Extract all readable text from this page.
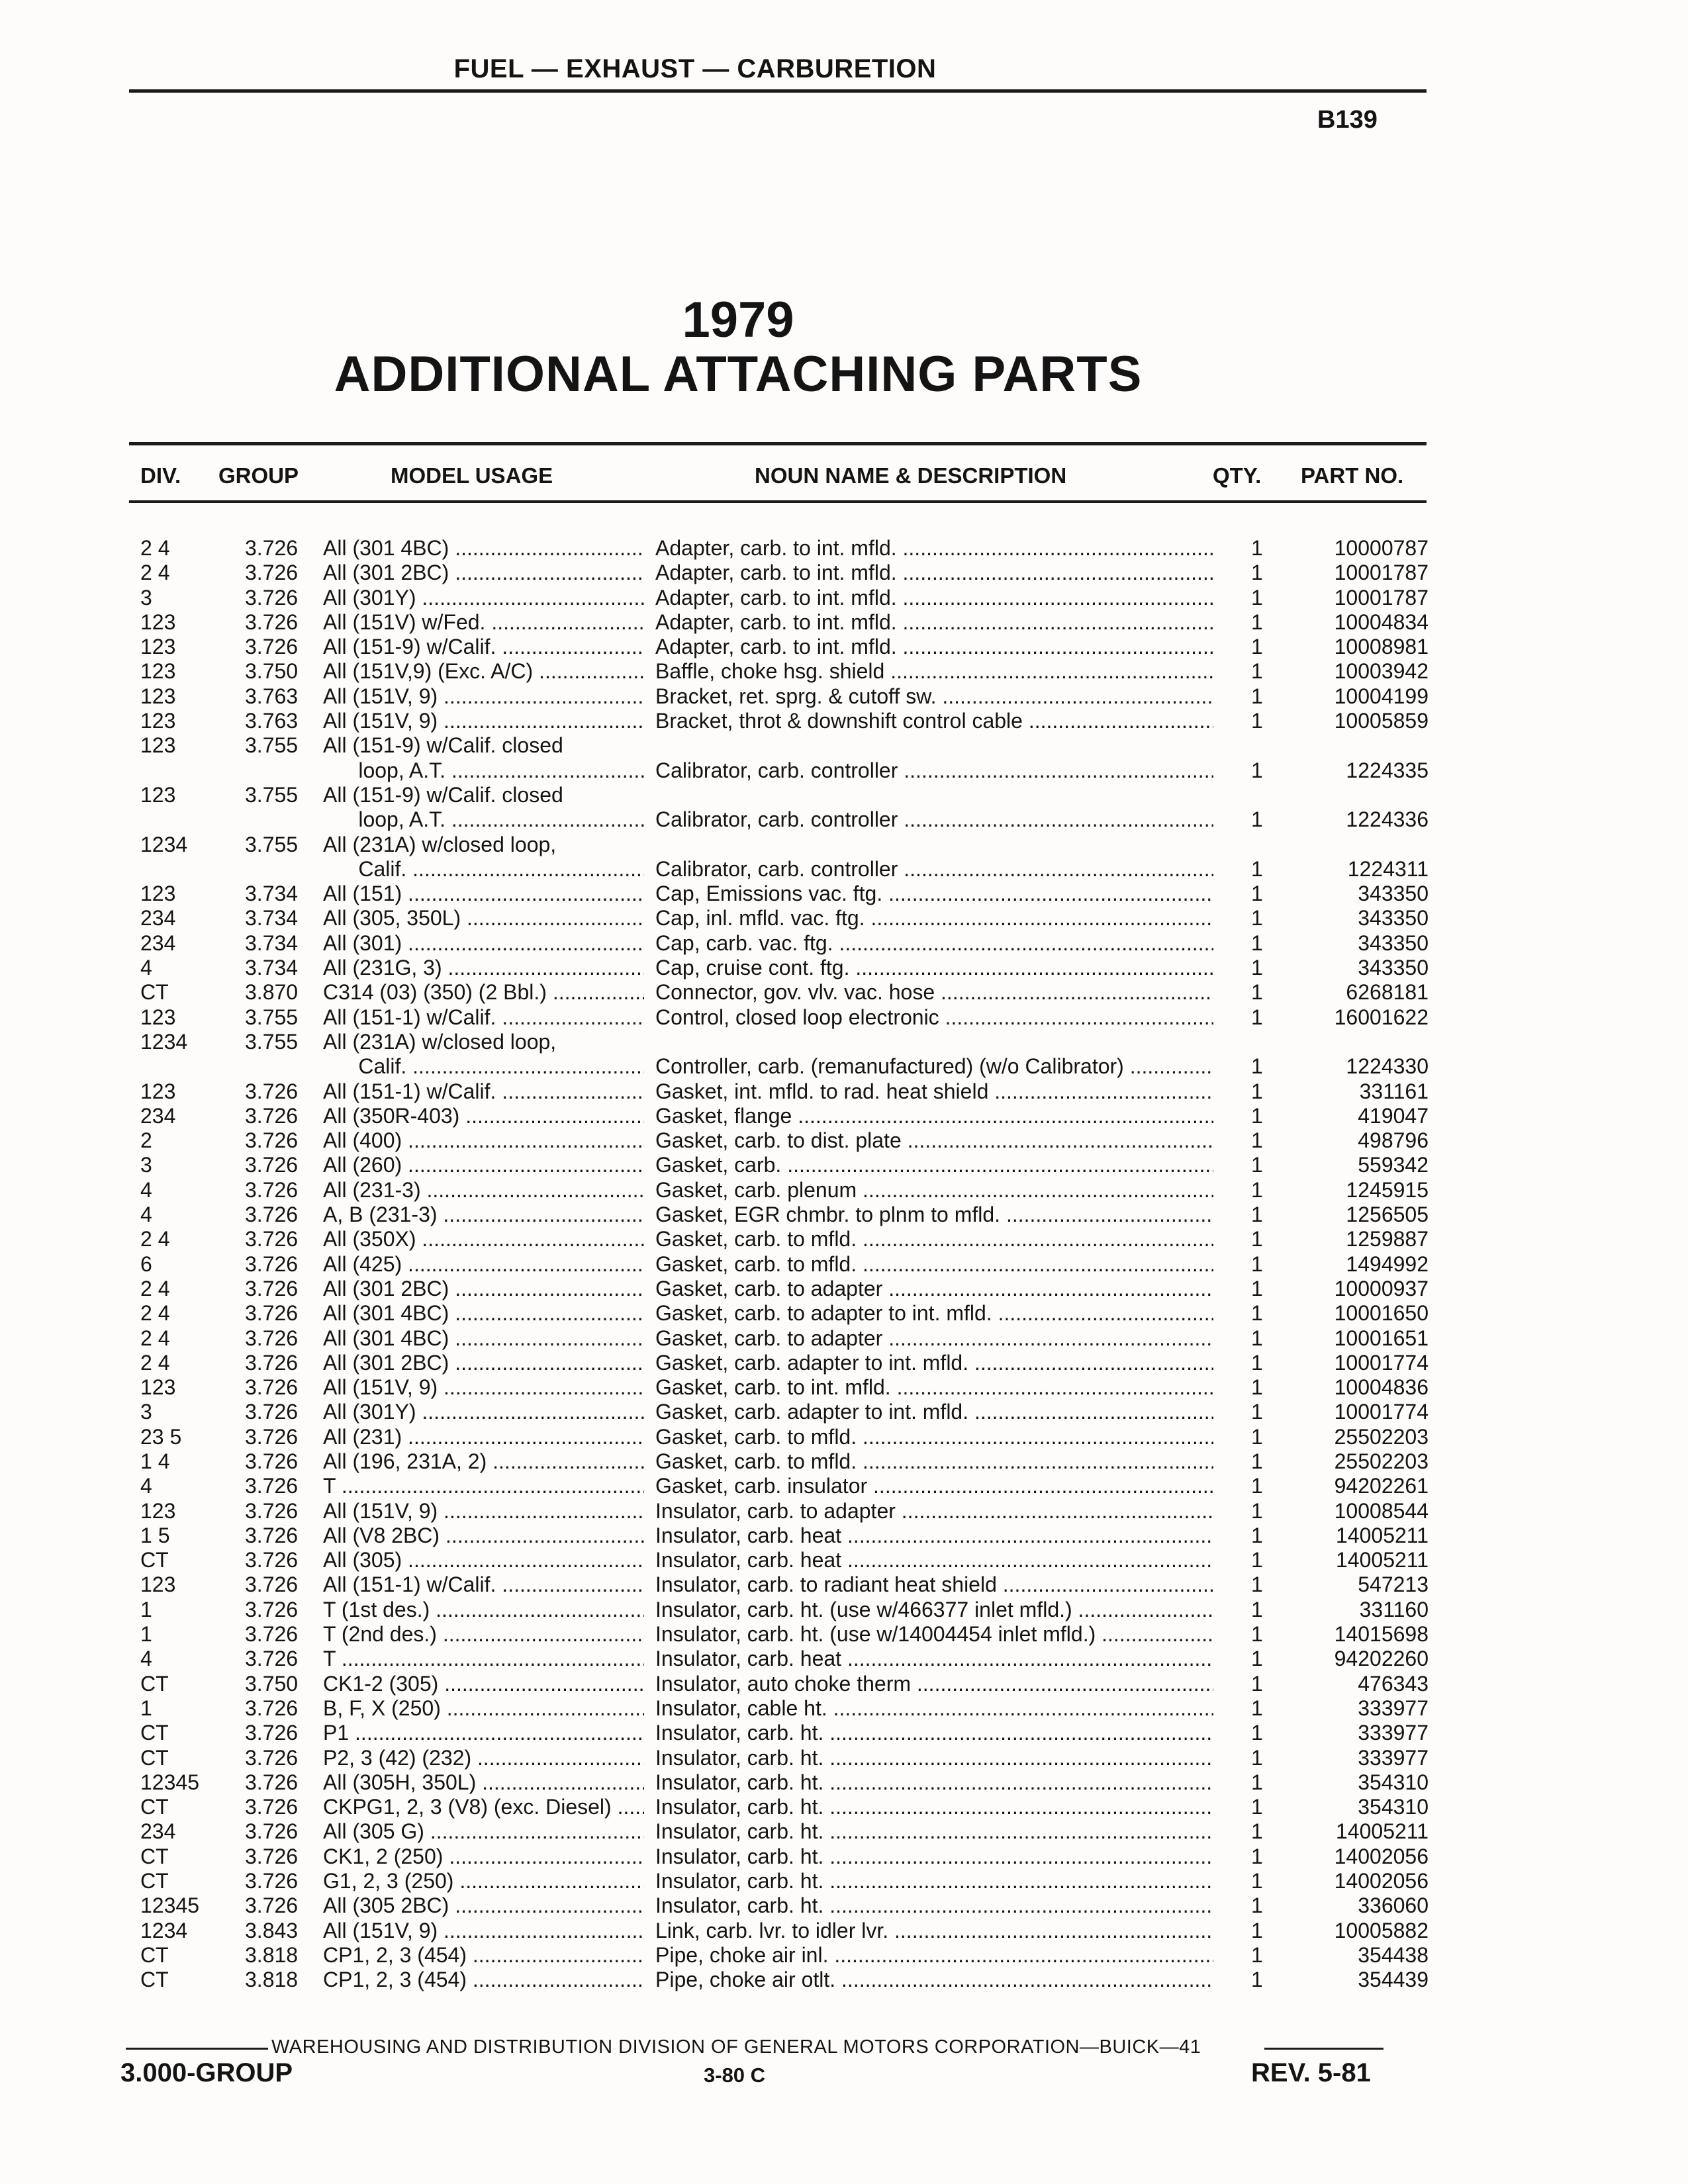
FUEL — EXHAUST — CARBURETION
B139
1979
ADDITIONAL ATTACHING PARTS
DIV. GROUP	MODEL USAGE	NOUN NAME & DESCRIPTION	QTY. PART NO.
2 4	3.726 All (301 4BC) .....	Adapter, carb. to int. mfld. .....	1	10000787
2 4	3.726 All (301 2BC) .....	Adapter, carb. to int. mfld. .....	1	10001787
3	3.726 All (301Y) .....	Adapter, carb. to int. mfld. .....	1	10001787
123	3.726 All (151V) w/Fed. .....	Adapter, carb. to int. mfld. .....	1	10004834
123	3.726 All (151-9) w/Calif. .....	Adapter, carb. to int. mfld. .....	1	10008981
123	3.750 All (151V,9) (Exc. A/C) .....	Baffle, choke hsg. shield .....	1	10003942
123	3.763 All (151V, 9) .....	Bracket, ret. sprg. & cutoff sw. .....	1	10004199
123	3.763 All (151V, 9) .....	Bracket, throt & downshift control cable .....	1	10005859
123	3.755 All (151-9) w/Calif. closed
loop, A.T. .....	Calibrator, carb. controller .....	1	1224335
123	3.755 All (151-9) w/Calif. closed
loop, A.T. .....	Calibrator, carb. controller .....	1	1224336
1234	3.755 All (231A) w/closed loop,
Calif. .....	Calibrator, carb. controller .....	1	1224311
123	3.734 All (151) .....	Cap, Emissions vac. ftg. .....	1	343350
234	3.734 All (305, 350L) .....	Cap, inl. mfld. vac. ftg. .....	1	343350
234	3.734 All (301) .....	Cap, carb. vac. ftg. .....	1	343350
4	3.734 All (231G, 3) .....	Cap, cruise cont. ftg. .....	1	343350
CT	3.870 C314 (03) (350) (2 Bbl.) .....	Connector, gov. vlv. vac. hose .....	1	6268181
123	3.755 All (151-1) w/Calif. .....	Control, closed loop electronic .....	1	16001622
1234	3.755 All (231A) w/closed loop,
Calif. .....	Controller, carb. (remanufactured) (w/o Calibrator) .....	1	1224330
123	3.726 All (151-1) w/Calif. .....	Gasket, int. mfld. to rad. heat shield .....	1	331161
234	3.726 All (350R-403) .....	Gasket, flange .....	1	419047
2	3.726 All (400) .....	Gasket, carb. to dist. plate .....	1	498796
3	3.726 All (260) .....	Gasket, carb. .....	1	559342
4	3.726 All (231-3) .....	Gasket, carb. plenum .....	1	1245915
4	3.726 A, B (231-3) .....	Gasket, EGR chmbr. to plnm to mfld. .....	1	1256505
2 4	3.726 All (350X) .....	Gasket, carb. to mfld. .....	1	1259887
6	3.726 All (425) .....	Gasket, carb. to mfld. .....	1	1494992
2 4	3.726 All (301 2BC) .....	Gasket, carb. to adapter .....	1	10000937
2 4	3.726 All (301 4BC) .....	Gasket, carb. to adapter to int. mfld. .....	1	10001650
2 4	3.726 All (301 4BC) .....	Gasket, carb. to adapter .....	1	10001651
2 4	3.726 All (301 2BC) .....	Gasket, carb. adapter to int. mfld. .....	1	10001774
123	3.726 All (151V, 9) .....	Gasket, carb. to int. mfld. .....	1	10004836
3	3.726 All (301Y) .....	Gasket, carb. adapter to int. mfld. .....	1	10001774
23 5	3.726 All (231) .....	Gasket, carb. to mfld. .....	1	25502203
1 4	3.726 All (196, 231A, 2) .....	Gasket, carb. to mfld. .....	1	25502203
4	3.726 T .....	Gasket, carb. insulator .....	1	94202261
123	3.726 All (151V, 9) .....	Insulator, carb. to adapter .....	1	10008544
1 5	3.726 All (V8 2BC) .....	Insulator, carb. heat .....	1	14005211
CT	3.726 All (305) .....	Insulator, carb. heat .....	1	14005211
123	3.726 All (151-1) w/Calif. .....	Insulator, carb. to radiant heat shield .....	1	547213
1	3.726 T (1st des.) .....	Insulator, carb. ht. (use w/466377 inlet mfld.) .....	1	331160
1	3.726 T (2nd des.) .....	Insulator, carb. ht. (use w/14004454 inlet mfld.) .....	1	14015698
4	3.726 T .....	Insulator, carb. heat .....	1	94202260
CT	3.750 CK1-2 (305) .....	Insulator, auto choke therm .....	1	476343
1	3.726 B, F, X (250) .....	Insulator, cable ht. .....	1	333977
CT	3.726 P1 .....	Insulator, carb. ht. .....	1	333977
CT	3.726 P2, 3 (42) (232) .....	Insulator, carb. ht. .....	1	333977
12345 3.726 All (305H, 350L) .....	Insulator, carb. ht. .....	1	354310
CT	3.726 CKPG1, 2, 3 (V8) (exc. Diesel) .....	Insulator, carb. ht. .....	1	354310
234	3.726 All (305 G) .....	Insulator, carb. ht. .....	1	14005211
CT	3.726 CK1, 2 (250) .....	Insulator, carb. ht. .....	1	14002056
CT	3.726 G1, 2, 3 (250) .....	Insulator, carb. ht. .....	1	14002056
12345 3.726 All (305 2BC) .....	Insulator, carb. ht. .....	1	336060
1234	3.843 All (151V, 9) .....	Link, carb. lvr. to idler lvr. .....	1	10005882
CT	3.818 CP1, 2, 3 (454) .....	Pipe, choke air inl. .....	1	354438
CT	3.818 CP1, 2, 3 (454) .....	Pipe, choke air otlt. .....	1	354439
WAREHOUSING AND DISTRIBUTION DIVISION OF GENERAL MOTORS CORPORATION—BUICK—41
3.000-GROUP	3-80 C	REV. 5-81
